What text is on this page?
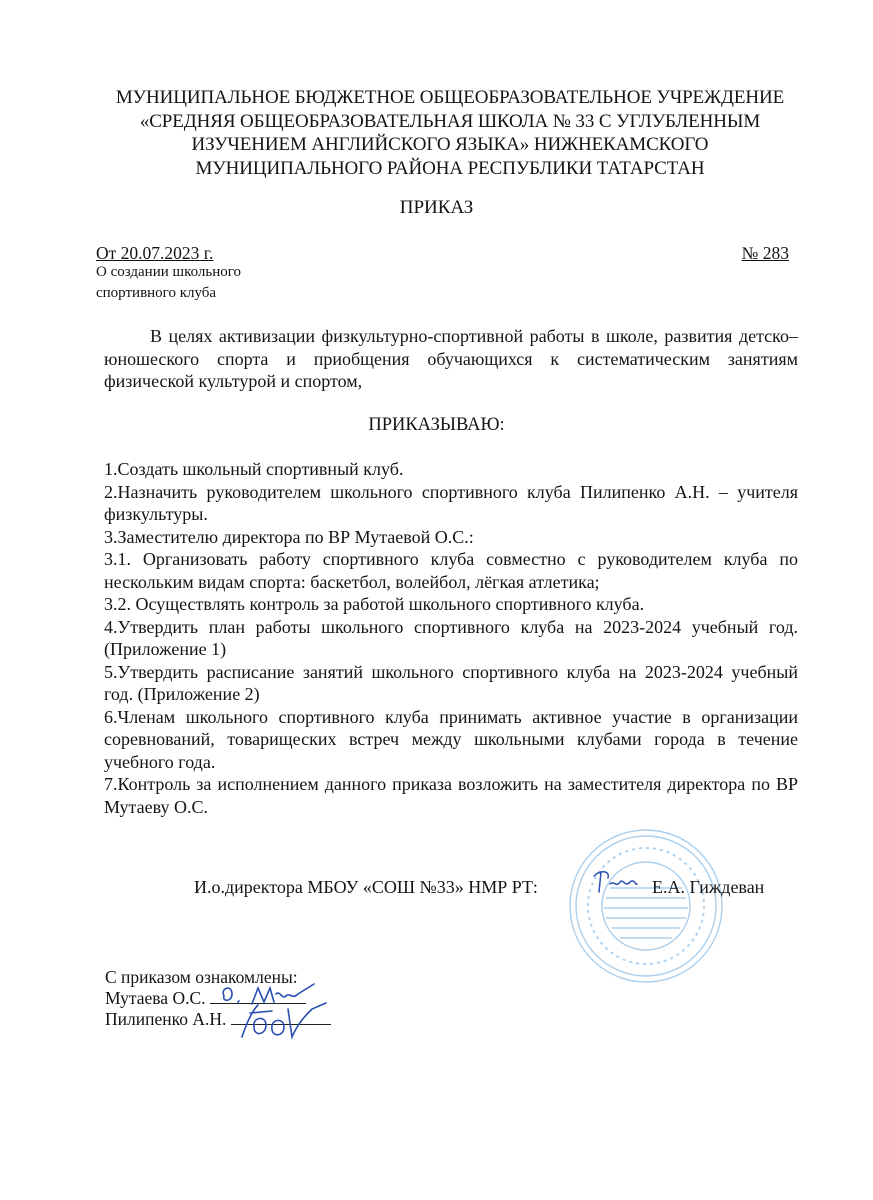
МУНИЦИПАЛЬНОЕ БЮДЖЕТНОЕ ОБЩЕОБРАЗОВАТЕЛЬНОЕ УЧРЕЖДЕНИЕ
«СРЕДНЯЯ ОБЩЕОБРАЗОВАТЕЛЬНАЯ ШКОЛА № 33 С УГЛУБЛЕННЫМ
ИЗУЧЕНИЕМ АНГЛИЙСКОГО ЯЗЫКА» НИЖНЕКАМСКОГО
МУНИЦИПАЛЬНОГО РАЙОНА РЕСПУБЛИКИ ТАТАРСТАН
ПРИКАЗ
От 20.07.2023 г.	№ 283
О создании школьного
спортивного клуба

В целях активизации физкультурно-спортивной работы в школе, развития детско–юношеского спорта и приобщения обучающихся к систематическим занятиям физической культурой и спортом,

ПРИКАЗЫВАЮ:

1.Создать школьный спортивный клуб.

2.Назначить руководителем школьного спортивного клуба Пилипенко А.Н. – учителя физкультуры.

3.Заместителю директора по ВР Мутаевой О.С.:

3.1. Организовать работу спортивного клуба совместно с руководителем клуба по нескольким видам спорта: баскетбол, волейбол, лёгкая атлетика;

3.2. Осуществлять контроль за работой школьного спортивного клуба.

4.Утвердить план работы школьного спортивного клуба на 2023-2024 учебный год. (Приложение 1)

5.Утвердить расписание занятий школьного спортивного клуба на 2023-2024 учебный год. (Приложение 2)

6.Членам школьного спортивного клуба принимать активное участие в организации соревнований, товарищеских встреч между школьными клубами города в течение учебного года.

7.Контроль за исполнением данного приказа возложить на заместителя директора по ВР Мутаеву О.С.

И.о.директора МБОУ «СОШ №33» НМР РТ:	Е.А. Гиждеван
С приказом ознакомлены:
Мутаева О.С.
Пилипенко А.Н.
